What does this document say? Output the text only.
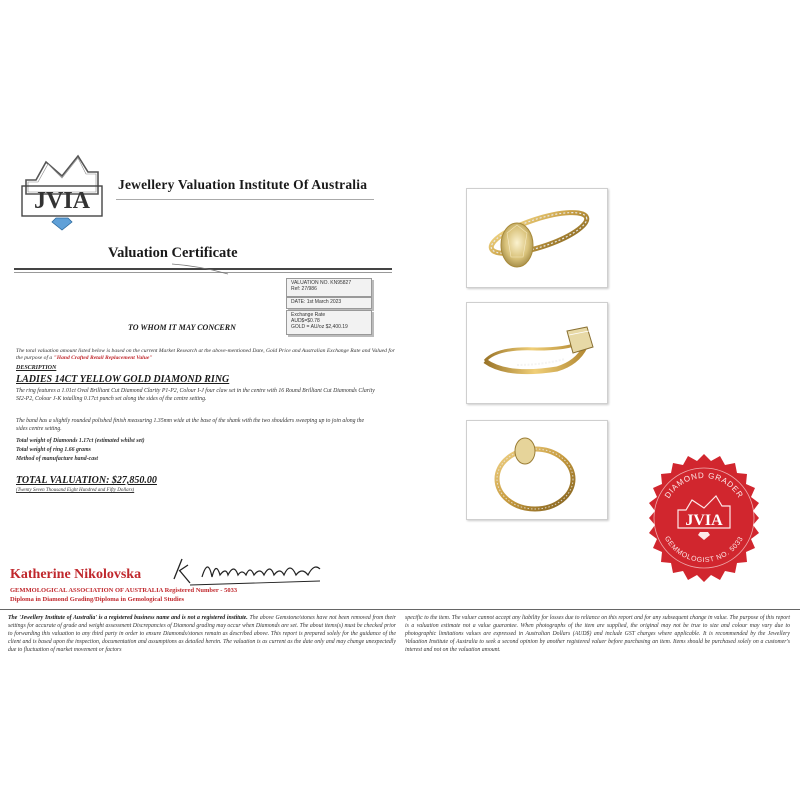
JVIA
Jewellery Valuation Institute Of Australia
Valuation Certificate
VALUATION NO. KN95827
Ref: 27/986
DATE: 1st March 2023
Exchange Rate
AUD$=$0.78
GOLD = AU/oz $2,400.19
TO WHOM IT MAY CONCERN
The total valuation amount listed below is based on the current Market Research at the above-mentioned Date, Gold Price and Australian Exchange Rate and Valued for the purpose of a "Hand Crafted Retail Replacement Value"
DESCRIPTION
LADIES 14CT YELLOW GOLD DIAMOND RING
The ring features a 1.01ct Oval Brilliant Cut Diamond Clarity P1-P2, Colour I-J four claw set in the centre with 16 Round Brilliant Cut Diamonds Clarity SI2-P2, Colour J-K totalling 0.17ct punch set along the sides of the centre setting.
The band has a slightly rounded polished finish measuring 1.35mm wide at the base of the shank with the two shoulders sweeping up to join along the sides centre setting.
Total weight of Diamonds 1.17ct (estimated whilst set)
Total weight of ring 1.66 grams
Method of manufacture hand-cast
TOTAL VALUATION: $27,850.00
(Twenty Seven Thousand Eight Hundred and Fifty Dollars)	DIAMOND GRADER
GEMMOLOGIST NO. 5033
JVIA
Katherine Nikolovska
GEMMOLOGICAL ASSOCIATION OF AUSTRALIA Registered Number - 5033
Diploma in Diamond Grading/Diploma in Gemological Studies
The 'Jewellery Institute of Australia' is a registered business name and is not a registered institute. The above Gemstone/stones have not been removed from their settings for accurate of grade and weight assessment Discrepancies of Diamond grading may occur when Diamonds are set. The about items(s) must be checked prior to forwarding this valuation to any third party in order to ensure Diamonds/stones remain as described above. This report is prepared solely for the guidance of the client and is based upon the inspection, documentation and assumptions as detailed herein. The valuation is as current as the date only and may change unexpectedly due to fluctuation of market movement or factors
specific to the item. The valuer cannot accept any liability for losses due to reliance on this report and for any subsequent change in value. The purpose of this report is a valuation estimate not a value guarantee. When photographs of the item are supplied, the original may not be true to size and colour may vary due to photographic limitations values are expressed in Australian Dollars (AUD$) and include GST charges where applicable. It is recommended by the Jewellery Valuation Institute of Australia to seek a second opinion by another registered valuer before purchasing an item. Items should be purchased solely on a customer's interest and not on the valuation amount.
